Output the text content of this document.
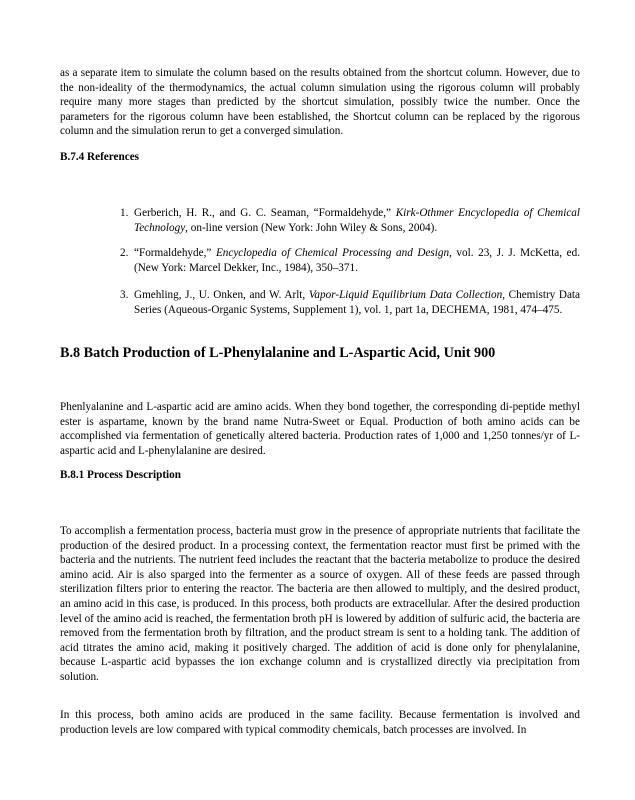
as a separate item to simulate the column based on the results obtained from the shortcut column. However, due to the non-ideality of the thermodynamics, the actual column simulation using the rigorous column will probably require many more stages than predicted by the shortcut simulation, possibly twice the number. Once the parameters for the rigorous column have been established, the Shortcut column can be replaced by the rigorous column and the simulation rerun to get a converged simulation.

B.7.4 References
1. Gerberich, H. R., and G. C. Seaman, “Formaldehyde,” Kirk-Othmer Encyclopedia of Chemical Technology, on-line version (New York: John Wiley & Sons, 2004).
2. “Formaldehyde,” Encyclopedia of Chemical Processing and Design, vol. 23, J. J. McKetta, ed. (New York: Marcel Dekker, Inc., 1984), 350–371.
3. Gmehling, J., U. Onken, and W. Arlt, Vapor-Liquid Equilibrium Data Collection, Chemistry Data Series (Aqueous-Organic Systems, Supplement 1), vol. 1, part 1a, DECHEMA, 1981, 474–475.
B.8 Batch Production of L-Phenylalanine and L-Aspartic Acid, Unit 900

Phenlyalanine and L-aspartic acid are amino acids. When they bond together, the corresponding di-peptide methyl ester is aspartame, known by the brand name Nutra-Sweet or Equal. Production of both amino acids can be accomplished via fermentation of genetically altered bacteria. Production rates of 1,000 and 1,250 tonnes/yr of L-aspartic acid and L-phenylalanine are desired.

B.8.1 Process Description

To accomplish a fermentation process, bacteria must grow in the presence of appropriate nutrients that facilitate the production of the desired product. In a processing context, the fermentation reactor must first be primed with the bacteria and the nutrients. The nutrient feed includes the reactant that the bacteria metabolize to produce the desired amino acid. Air is also sparged into the fermenter as a source of oxygen. All of these feeds are passed through sterilization filters prior to entering the reactor. The bacteria are then allowed to multiply, and the desired product, an amino acid in this case, is produced. In this process, both products are extracellular. After the desired production level of the amino acid is reached, the fermentation broth pH is lowered by addition of sulfuric acid, the bacteria are removed from the fermentation broth by filtration, and the product stream is sent to a holding tank. The addition of acid titrates the amino acid, making it positively charged. The addition of acid is done only for phenylalanine, because L-aspartic acid bypasses the ion exchange column and is crystallized directly via precipitation from solution.

In this process, both amino acids are produced in the same facility. Because fermentation is involved and production levels are low compared with typical commodity chemicals, batch processes are involved. In
